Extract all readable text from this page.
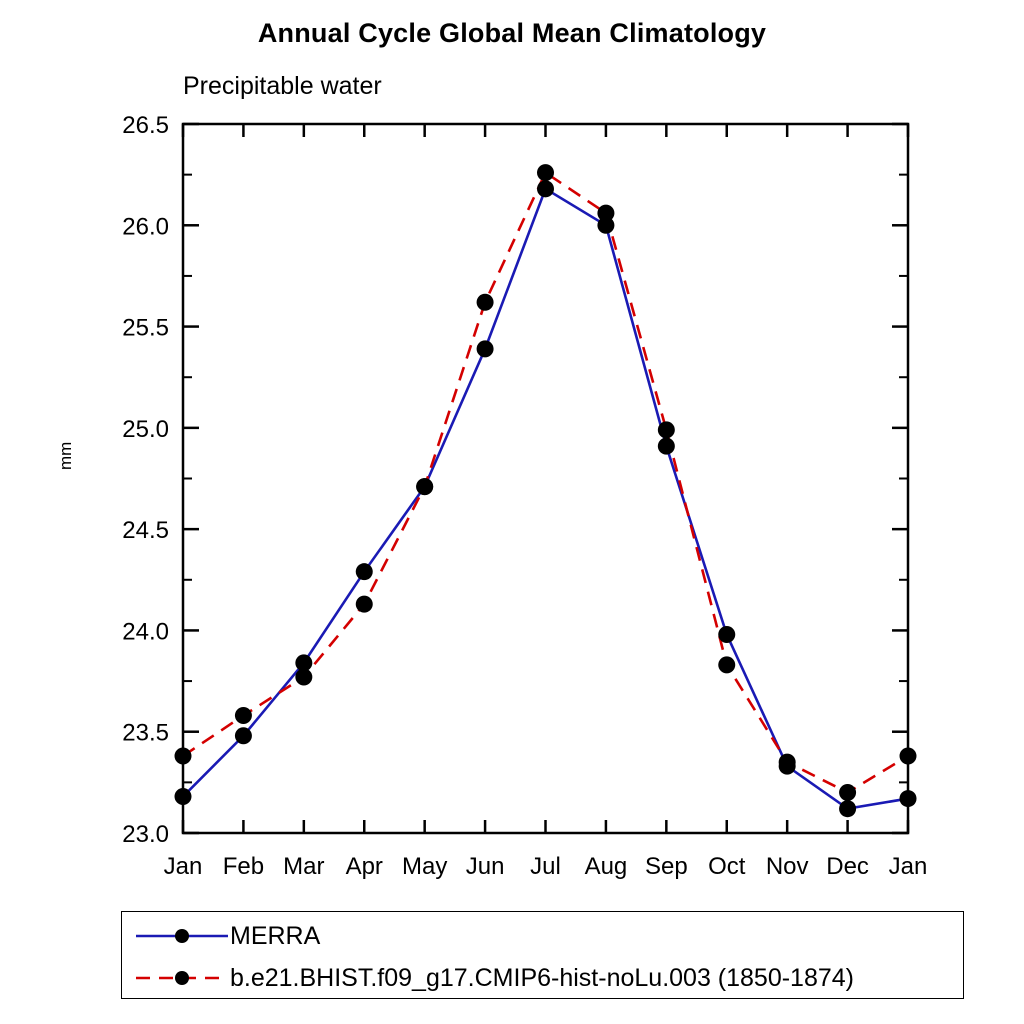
Annual Cycle Global Mean Climatology
Precipitable water
mm
23.0
23.5
24.0
24.5
25.0
25.5
26.0
26.5
Jan Feb Mar Apr May Jun Jul Aug Sep Oct Nov Dec Jan
MERRA
b.e21.BHIST.f09_g17.CMIP6-hist-noLu.003 (1850-1874)
